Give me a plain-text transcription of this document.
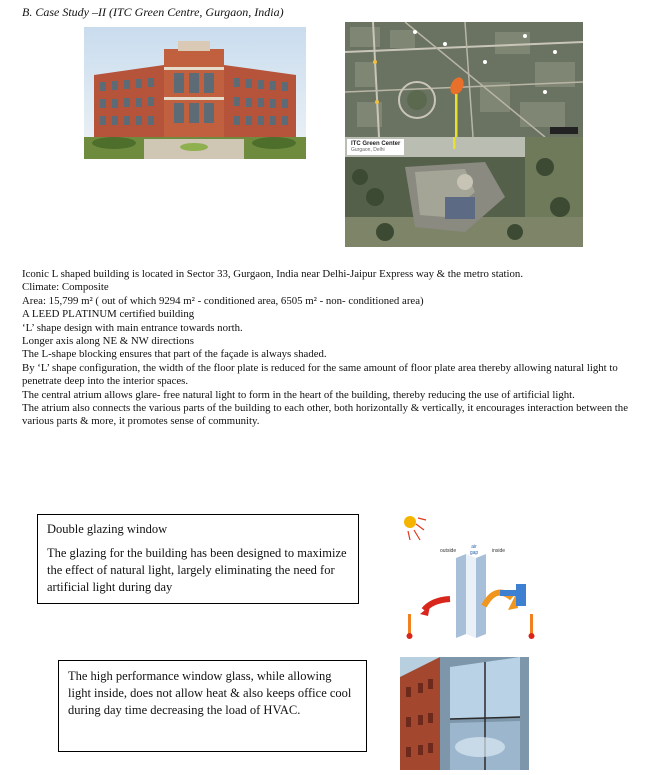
B. Case Study –II (ITC Green Centre, Gurgaon, India)
ITC Green Center
Gurgaon, Delhi

Iconic L shaped building is located in Sector 33, Gurgaon, India near Delhi-Jaipur Express way & the metro station.

Climate: Composite

Area: 15,799 m² ( out of which 9294 m² - conditioned area, 6505 m² - non- conditioned area)

A LEED PLATINUM certified building

‘L’ shape design with main entrance towards north.

Longer axis along NE & NW directions

The L-shape blocking ensures that part of the façade is always shaded.

By ‘L’ shape configuration, the width of the floor plate is reduced for the same amount of floor plate area thereby allowing natural light to penetrate deep into the interior spaces.

The central atrium allows glare- free natural light to form in the heart of the building, thereby reducing the use of artificial light.

The atrium also connects the various parts of the building to each other, both horizontally & vertically, it encourages interaction between the various parts & more, it promotes sense of community.

Double glazing window

The glazing for the building has been designed to maximize the effect of natural light, largely eliminating the need for artificial light during day

outside
air gap	inside

The high performance window glass, while allowing light inside, does not allow heat & also keeps office cool during day time decreasing the load of HVAC.
